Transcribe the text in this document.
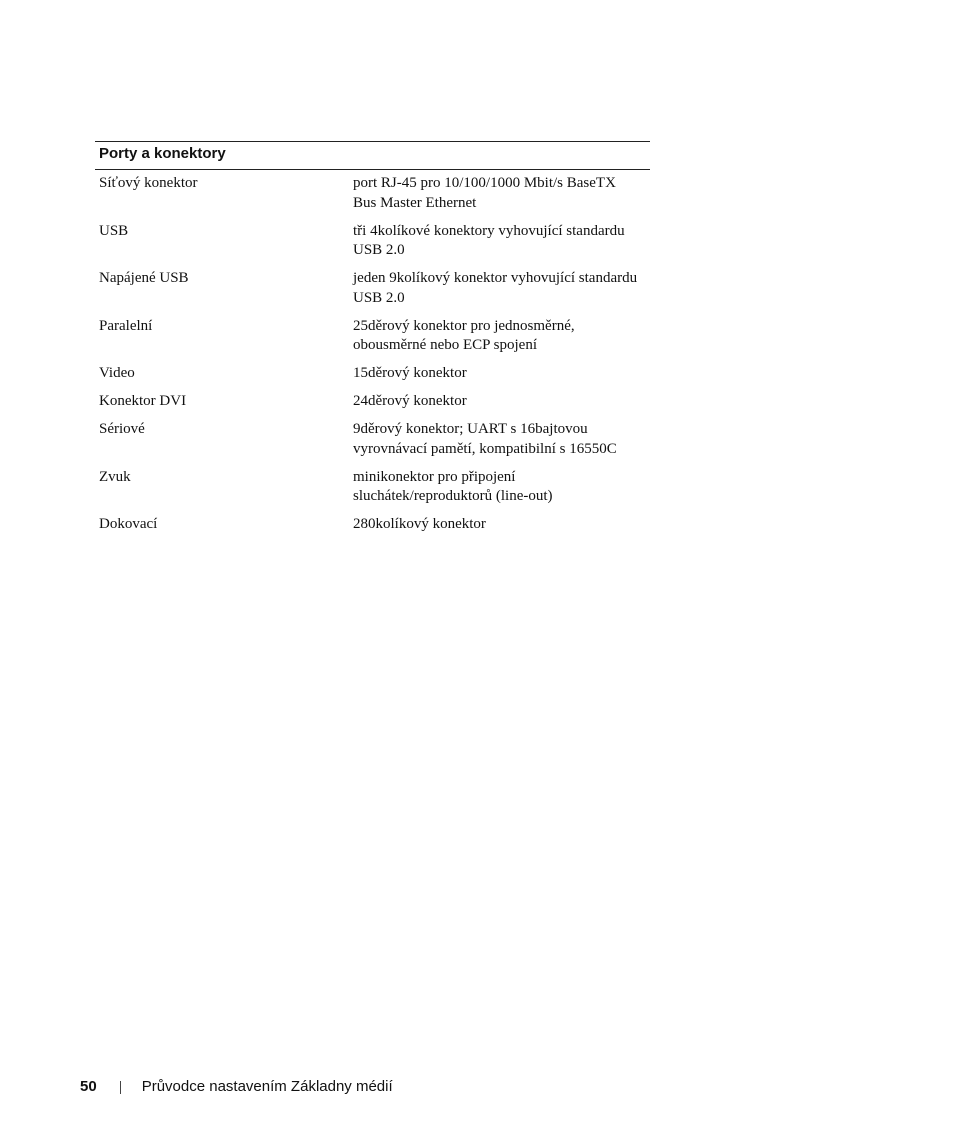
Porty a konektory
Síťový konektor	port RJ-45 pro 10/100/1000 Mbit/s BaseTX
Bus Master Ethernet
USB	tři 4kolíkové konektory vyhovující standardu
USB 2.0
Napájené USB	jeden 9kolíkový konektor vyhovující standardu
USB 2.0
Paralelní	25děrový konektor pro jednosměrné,
obousměrné nebo ECP spojení
Video	15děrový konektor
Konektor DVI	24děrový konektor
Sériové	9děrový konektor; UART s 16bajtovou
vyrovnávací pamětí, kompatibilní s 16550C
Zvuk	minikonektor pro připojení
sluchátek/reproduktorů (line-out)
Dokovací	280kolíkový konektor
50	Průvodce nastavením Základny médií
